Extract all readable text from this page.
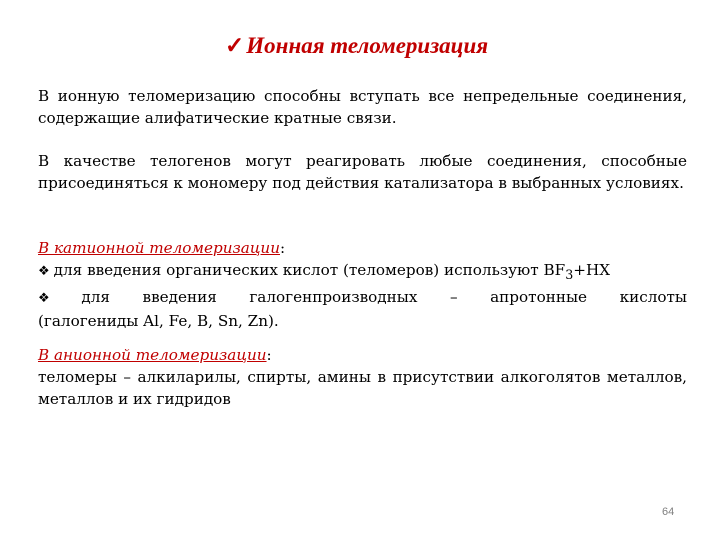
✓Ионная теломеризация
В ионную теломеризацию способны вступать все непредельные соединения, содержащие алифатические кратные связи.
В качестве телогенов могут реагировать любые соединения, способные присоединяться к мономеру под действия катализатора в выбранных условиях.
В катионной теломеризации:
❖ для введения органических кислот (теломеров) используют $BF_3+HX$
❖ для введения галогенпроизводных – апротонные кислоты
(галогениды Al, Fe, B, Sn, Zn).
В анионной теломеризации:
теломеры – алкиларилы, спирты, амины в присутствии алкоголятов металлов, металлов и их гидридов
64
